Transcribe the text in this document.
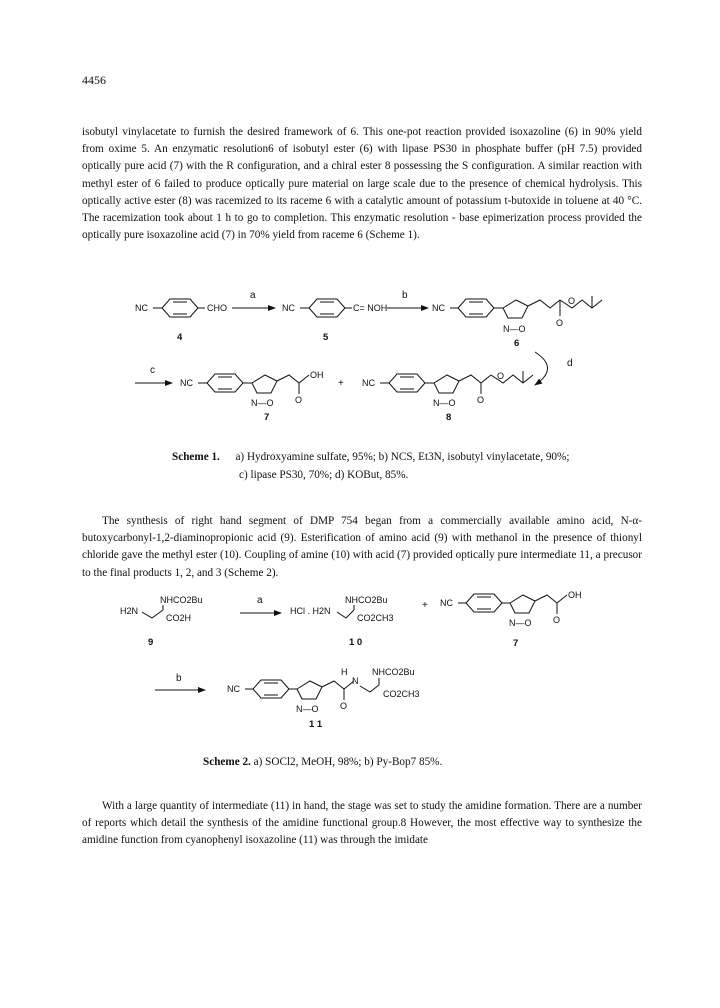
4456

isobutyl vinylacetate to furnish the desired framework of 6. This one-pot reaction provided isoxazoline (6) in 90% yield from oxime 5. An enzymatic resolution6 of isobutyl ester (6) with lipase PS30 in phosphate buffer (pH 7.5) provided optically pure acid (7) with the R configuration, and a chiral ester 8 possessing the S configuration. A similar reaction with methyl ester of 6 failed to produce optically pure material on large scale due to the presence of chemical hydrolysis. This optically active ester (8) was racemized to its raceme 6 with a catalytic amount of potassium t-butoxide in toluene at 40 °C. The racemization took about 1 h to go to completion. This enzymatic resolution - base epimerization process provided the optically pure isoxazoline acid (7) in 70% yield from raceme 6 (Scheme 1).

NC	CHO
4
a
NC	C= NOH
5
b
NC
N—O
O
O
6
d
c
NC
OH
N—O O
7
+ NC
N—O O
O
8
NHCO2Bu
H2N
CO2H
9
a
HCl . H2N
NHCO2Bu
CO2CH3
1 0
+ NC
OH
N—O O
7
b
NC
H
N
NHCO2Bu
CO2CH3
N—O O
1 1
Scheme 1. a) Hydroxyamine sulfate, 95%; b) NCS, Et3N, isobutyl vinylacetate, 90%;
c) lipase PS30, 70%; d) KOBut, 85%.

The synthesis of right hand segment of DMP 754 began from a commercially available amino acid, N-α-butoxycarbonyl-1,2-diaminopropionic acid (9). Esterification of amino acid (9) with methanol in the presence of thionyl chloride gave the methyl ester (10). Coupling of amine (10) with acid (7) provided optically pure intermediate 11, a precusor to the final products 1, 2, and 3 (Scheme 2).

Scheme 2. a) SOCl2, MeOH, 98%; b) Py-Bop7 85%.

With a large quantity of intermediate (11) in hand, the stage was set to study the amidine formation. There are a number of reports which detail the synthesis of the amidine functional group.8 However, the most effective way to synthesize the amidine function from cyanophenyl isoxazoline (11) was through the imidate
